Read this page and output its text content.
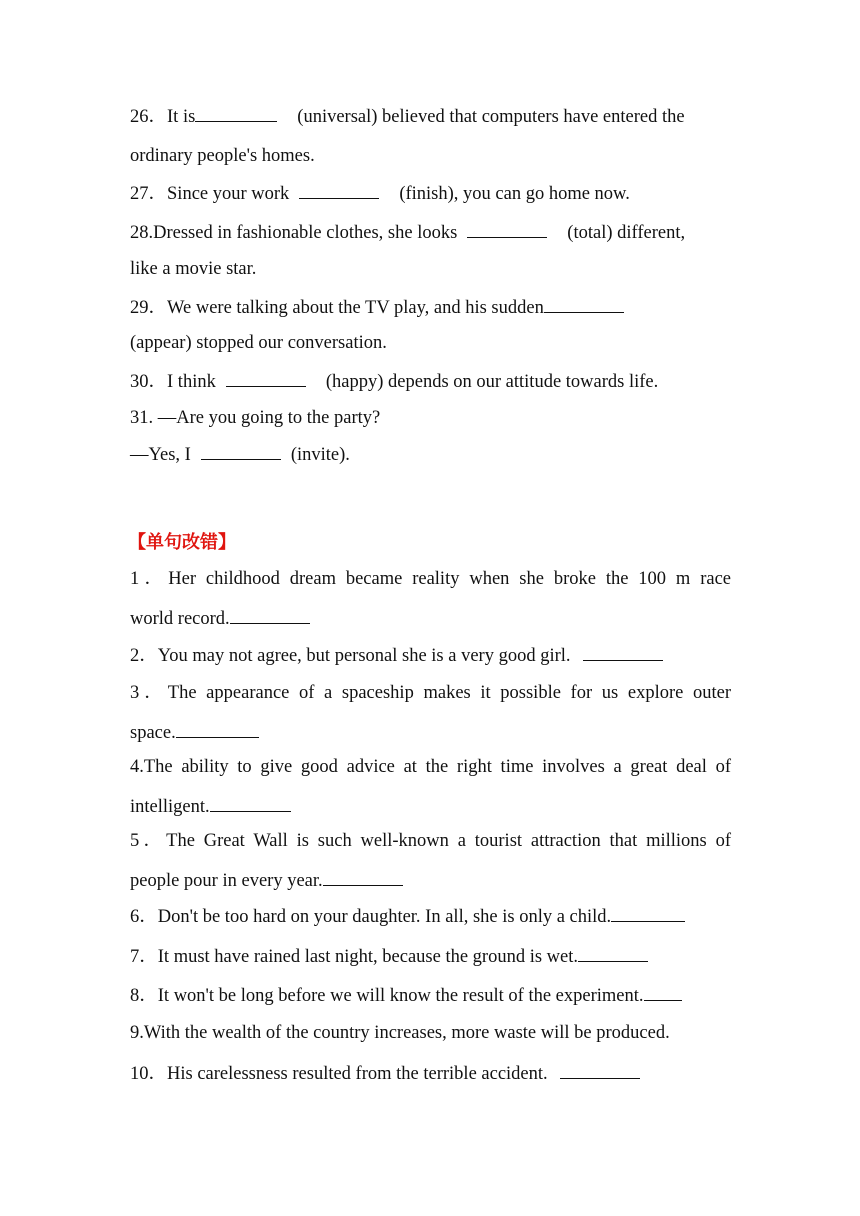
26．It is	(universal) believed that computers have entered the
ordinary people's homes.
27．Since your work	(finish), you can go home now.
28.Dressed in fashionable clothes, she looks	(total) different,
like a movie star.
29．We were talking about the TV play, and his sudden
(appear) stopped our conversation.
30．I think	(happy) depends on our attitude towards life.
31. —Are you going to the party?
—Yes, I	(invite).
【单句改错】
1．Her childhood dream became reality when she broke the 100 m race
world record.
2．You may not agree, but personal she is a very good girl.
3．The appearance of a spaceship makes it possible for us explore outer
space.
4.The ability to give good advice at the right time involves a great deal of
intelligent.
5．The Great Wall is such well-known a tourist attraction that millions of
people pour in every year.
6．Don't be too hard on your daughter. In all, she is only a child.
7．It must have rained last night, because the ground is wet.
8．It won't be long before we will know the result of the experiment.
9.With the wealth of the country increases, more waste will be produced.
10．His carelessness resulted from the terrible accident.
